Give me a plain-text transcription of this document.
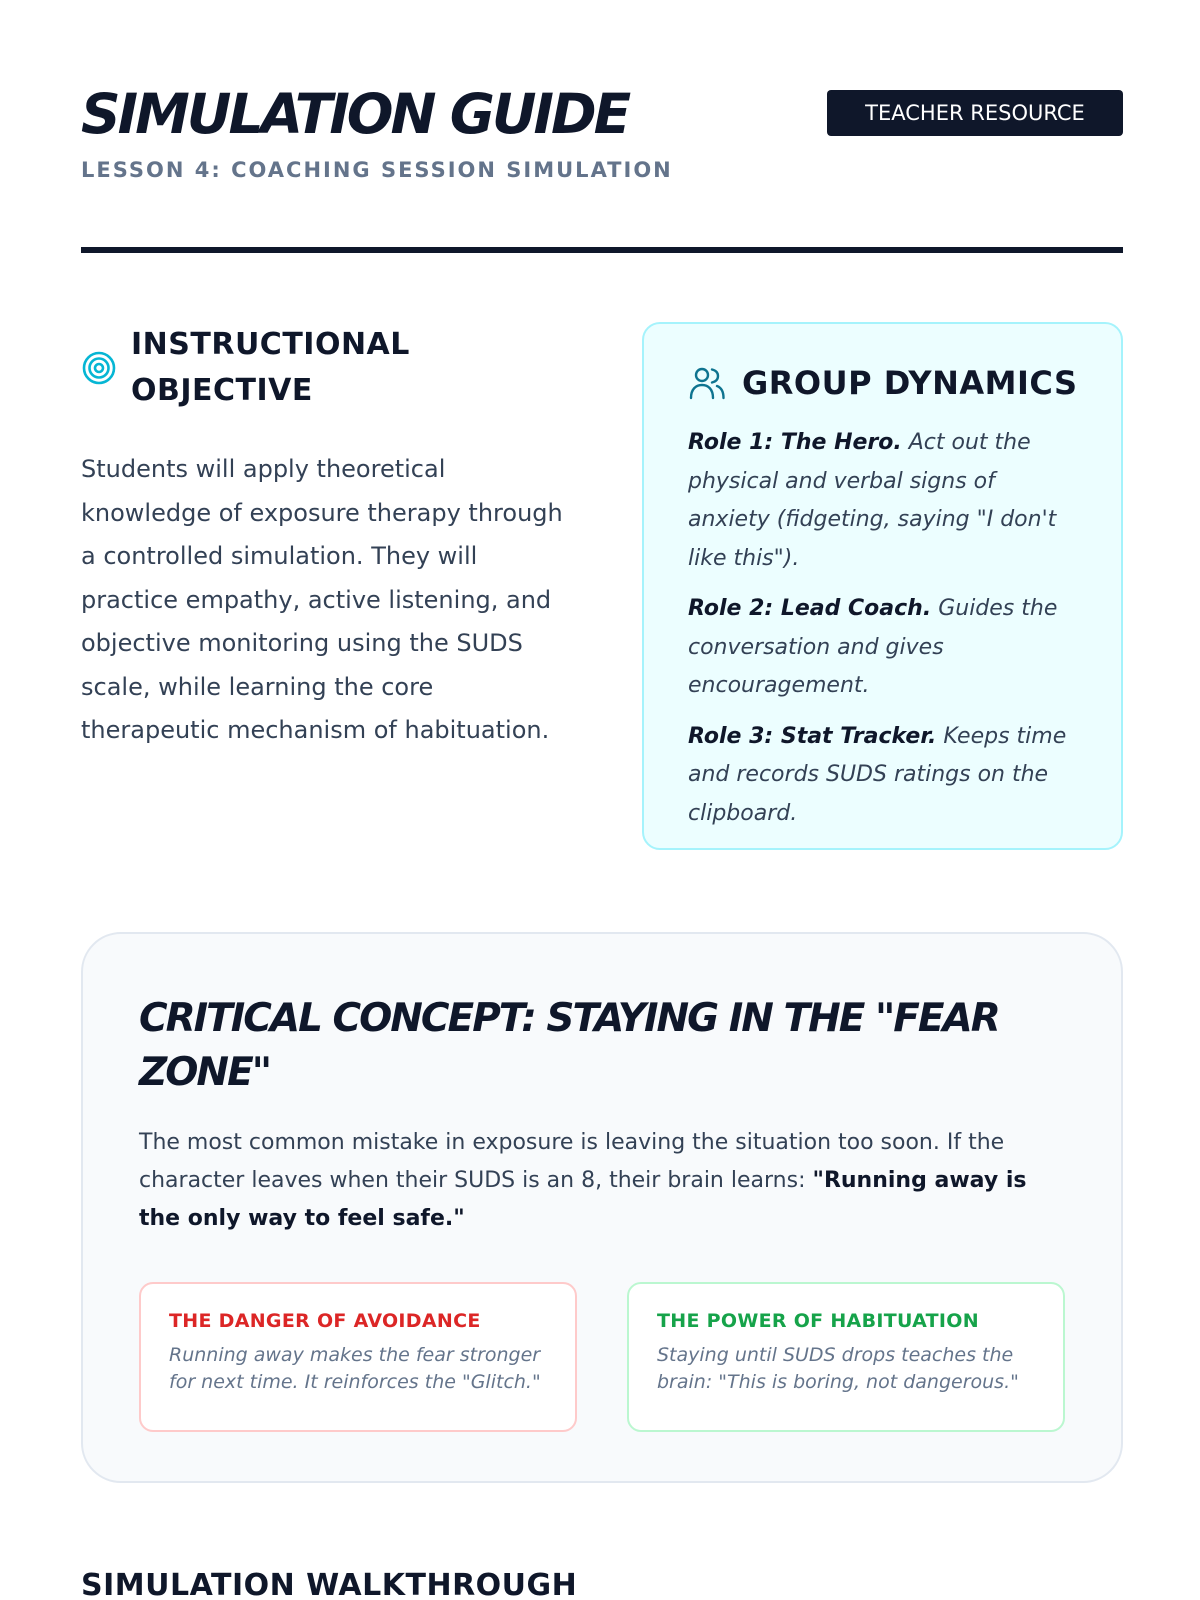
SIMULATION GUIDE
LESSON 4: COACHING SESSION SIMULATION
TEACHER RESOURCE
INSTRUCTIONAL OBJECTIVE

Students will apply theoretical knowledge of exposure therapy through a controlled simulation. They will practice empathy, active listening, and objective monitoring using the SUDS scale, while learning the core therapeutic mechanism of habituation.

GROUP DYNAMICS

Role 1: The Hero. Act out the physical and verbal signs of anxiety (fidgeting, saying "I don't like this").

Role 2: Lead Coach. Guides the conversation and gives encouragement.

Role 3: Stat Tracker. Keeps time and records SUDS ratings on the clipboard.

CRITICAL CONCEPT: STAYING IN THE "FEAR ZONE"

The most common mistake in exposure is leaving the situation too soon. If the character leaves when their SUDS is an 8, their brain learns: "Running away is the only way to feel safe."

THE DANGER OF AVOIDANCE
Running away makes the fear stronger for next time. It reinforces the "Glitch."
THE POWER OF HABITUATION
Staying until SUDS drops teaches the brain: "This is boring, not dangerous."
SIMULATION WALKTHROUGH
